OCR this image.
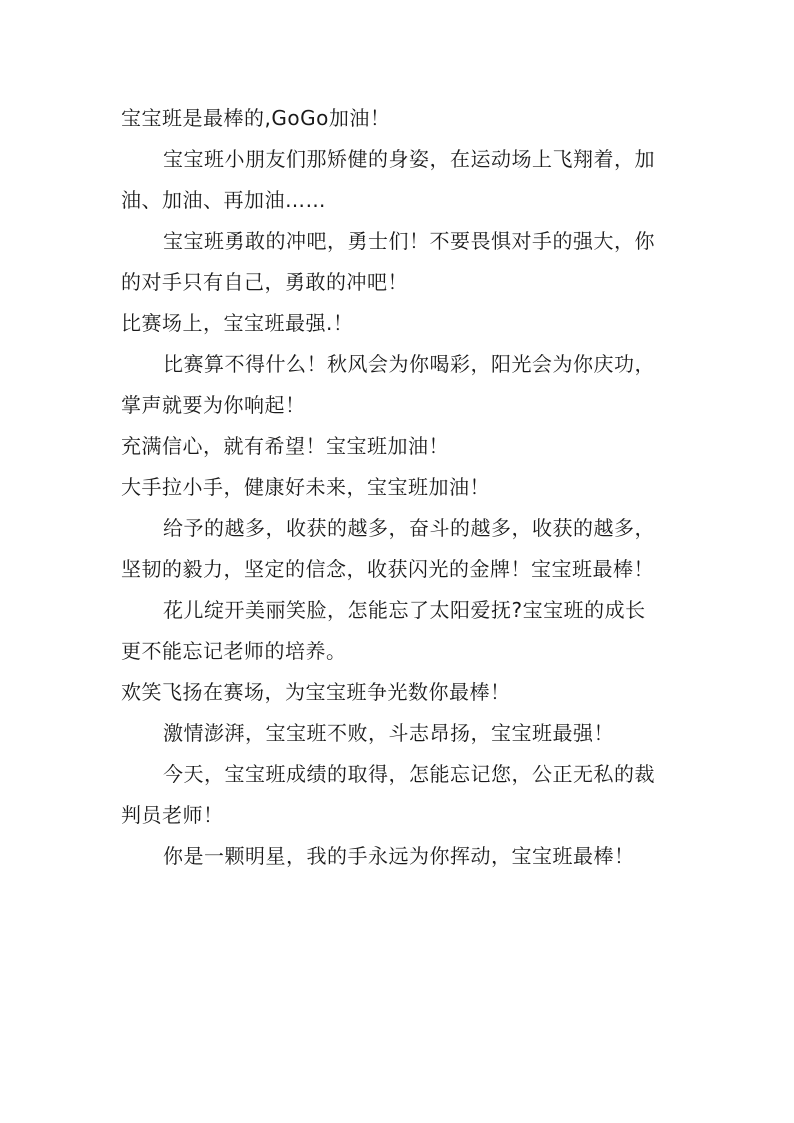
宝宝班是最棒的,GoGo加油！
宝宝班小朋友们那矫健的身姿，在运动场上飞翔着，加
油、加油、再加油……
宝宝班勇敢的冲吧，勇士们！不要畏惧对手的强大，你
的对手只有自己，勇敢的冲吧！
比赛场上，宝宝班最强.！
比赛算不得什么！秋风会为你喝彩，阳光会为你庆功，
掌声就要为你响起！
充满信心，就有希望！宝宝班加油！
大手拉小手，健康好未来，宝宝班加油！
给予的越多，收获的越多，奋斗的越多，收获的越多，
坚韧的毅力，坚定的信念，收获闪光的金牌！宝宝班最棒！
花儿绽开美丽笑脸，怎能忘了太阳爱抚?宝宝班的成长
更不能忘记老师的培养。
欢笑飞扬在赛场，为宝宝班争光数你最棒！
激情澎湃，宝宝班不败，斗志昂扬，宝宝班最强！
今天，宝宝班成绩的取得，怎能忘记您，公正无私的裁
判员老师！
你是一颗明星，我的手永远为你挥动，宝宝班最棒！
